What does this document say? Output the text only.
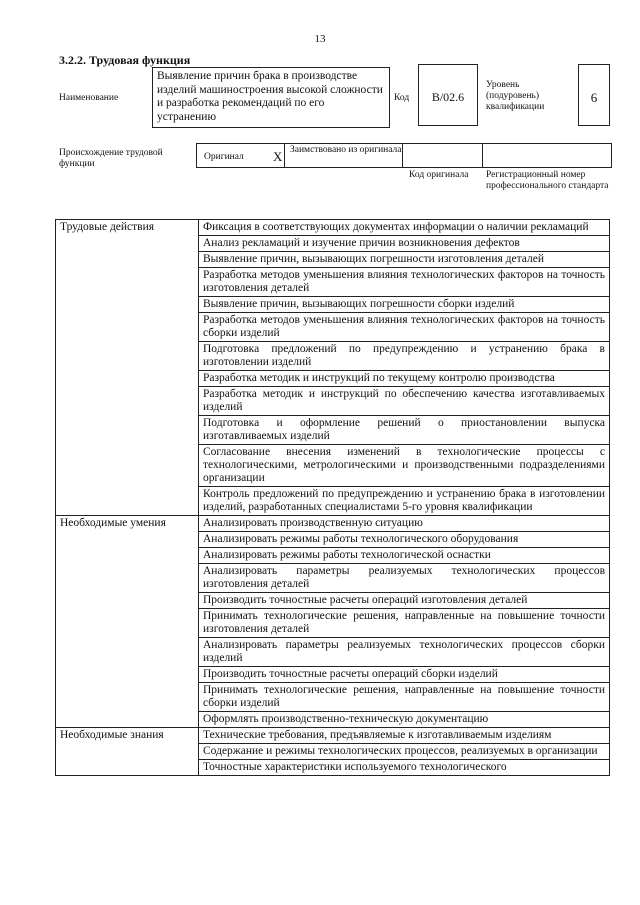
13
3.2.2. Трудовая функция
Наименование
Выявление причин брака в производстве изделий машиностроения высокой сложности и разработка рекомендаций по его устранению
Код	B/02.6
Уровень (подуровень) квалификации
6
Происхождение трудовой функции
Оригинал X Заимствовано из оригинала
Код оригинала Регистрационный номер профессионального стандарта
Трудовые действия	Фиксация в соответствующих документах информации о наличии рекламаций
	Анализ рекламаций и изучение причин возникновения дефектов
	Выявление причин, вызывающих погрешности изготовления деталей
	Разработка методов уменьшения влияния технологических факторов на точность изготовления деталей
	Выявление причин, вызывающих погрешности сборки изделий
	Разработка методов уменьшения влияния технологических факторов на точность сборки изделий
	Подготовка предложений по предупреждению и устранению брака в изготовлении изделий
	Разработка методик и инструкций по текущему контролю производства
	Разработка методик и инструкций по обеспечению качества изготавливаемых изделий
	Подготовка и оформление решений о приостановлении выпуска изготавливаемых изделий
	Согласование внесения изменений в технологические процессы с технологическими, метрологическими и производственными подразделениями организации
	Контроль предложений по предупреждению и устранению брака в изготовлении изделий, разработанных специалистами 5-го уровня квалификации
Необходимые умения	Анализировать производственную ситуацию
	Анализировать режимы работы технологического оборудования
	Анализировать режимы работы технологической оснастки
	Анализировать параметры реализуемых технологических процессов изготовления деталей
	Производить точностные расчеты операций изготовления деталей
	Принимать технологические решения, направленные на повышение точности изготовления деталей
	Анализировать параметры реализуемых технологических процессов сборки изделий
	Производить точностные расчеты операций сборки изделий
	Принимать технологические решения, направленные на повышение точности сборки изделий
	Оформлять производственно-техническую документацию
Необходимые знания	Технические требования, предъявляемые к изготавливаемым изделиям
	Содержание и режимы технологических процессов, реализуемых в организации

	Точностные характеристики используемого технологического
